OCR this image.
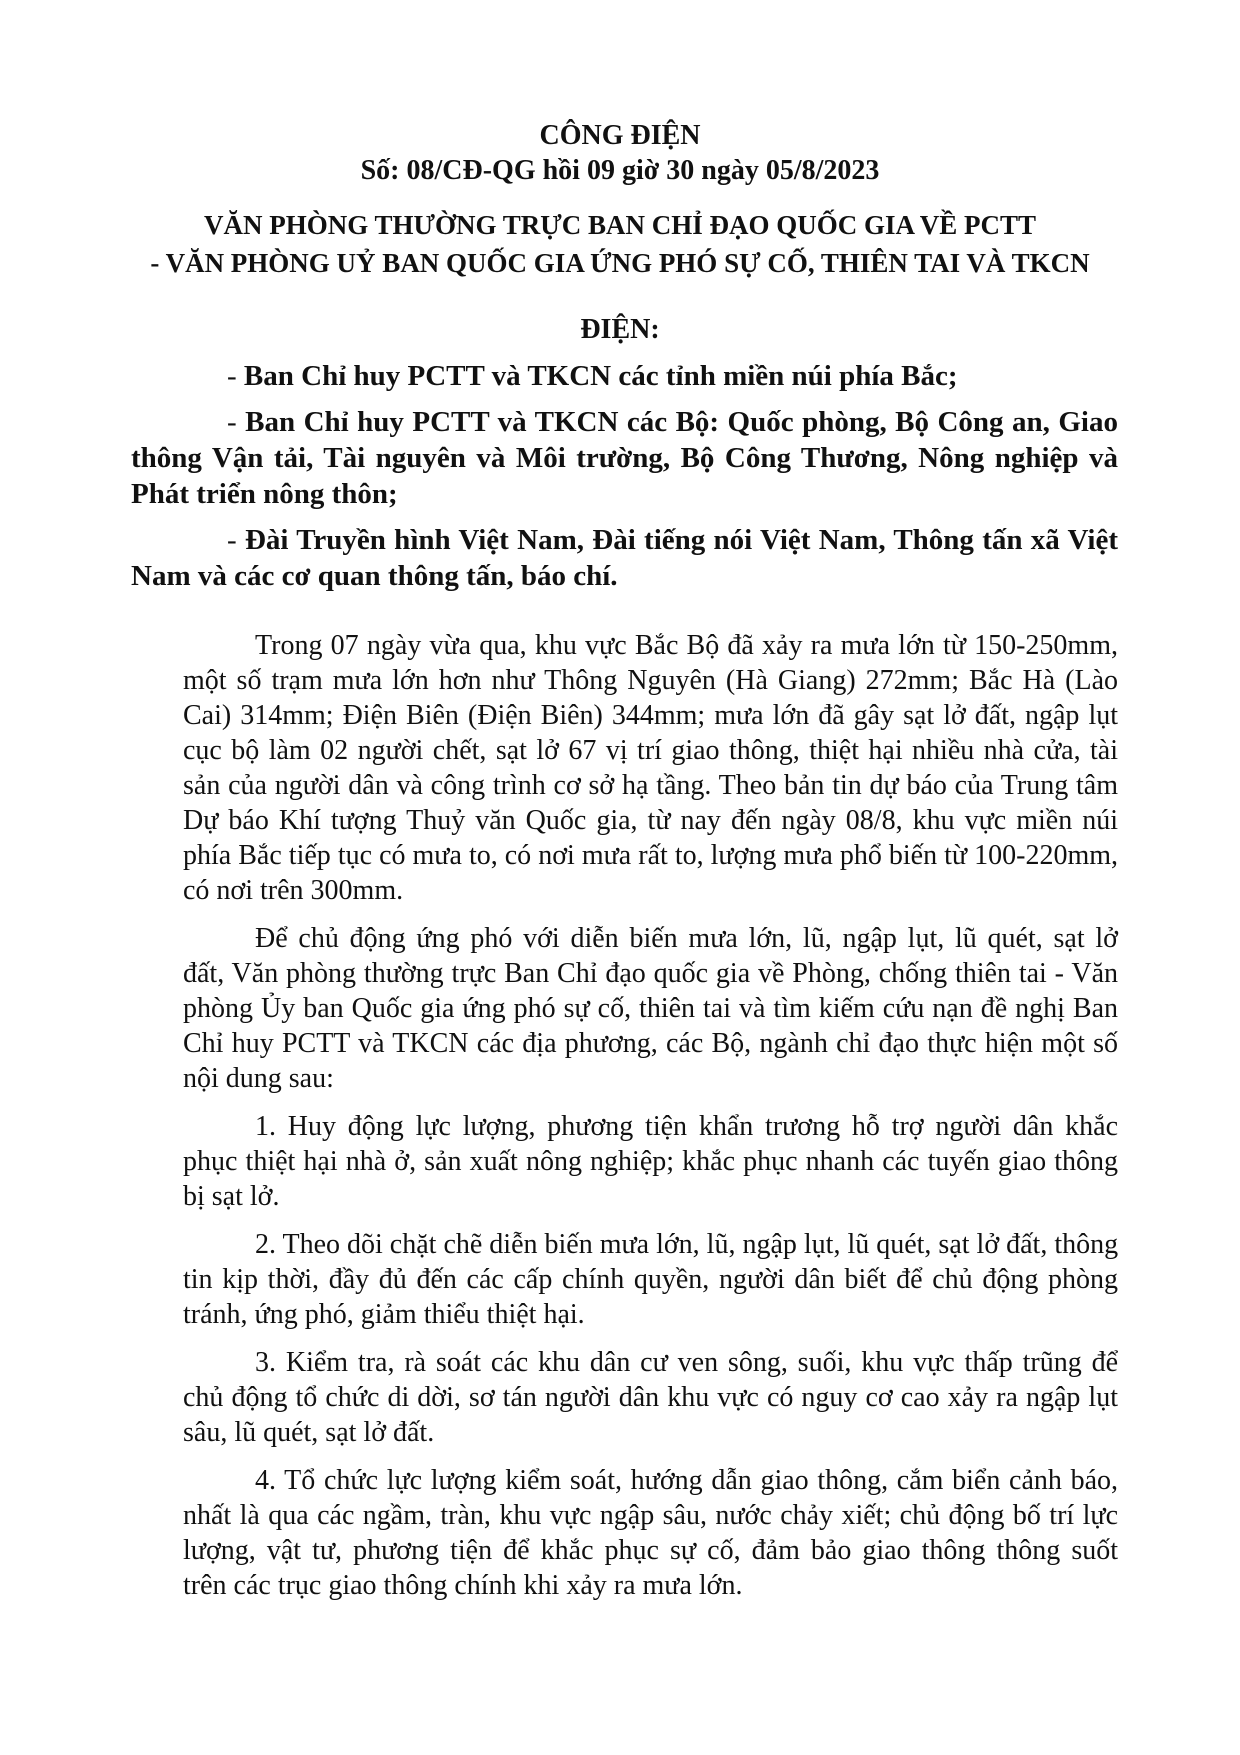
CÔNG ĐIỆN
Số: 08/CĐ-QG hồi 09 giờ 30 ngày 05/8/2023
VĂN PHÒNG THƯỜNG TRỰC BAN CHỈ ĐẠO QUỐC GIA VỀ PCTT
- VĂN PHÒNG UỶ BAN QUỐC GIA ỨNG PHÓ SỰ CỐ, THIÊN TAI VÀ TKCN
ĐIỆN:
- Ban Chỉ huy PCTT và TKCN các tỉnh miền núi phía Bắc;
- Ban Chỉ huy PCTT và TKCN các Bộ: Quốc phòng, Bộ Công an, Giao
thông Vận tải, Tài nguyên và Môi trường, Bộ Công Thương, Nông nghiệp và
Phát triển nông thôn;
- Đài Truyền hình Việt Nam, Đài tiếng nói Việt Nam, Thông tấn xã Việt
Nam và các cơ quan thông tấn, báo chí.
Trong 07 ngày vừa qua, khu vực Bắc Bộ đã xảy ra mưa lớn từ 150-250mm,
một số trạm mưa lớn hơn như Thông Nguyên (Hà Giang) 272mm; Bắc Hà (Lào
Cai) 314mm; Điện Biên (Điện Biên) 344mm; mưa lớn đã gây sạt lở đất, ngập lụt
cục bộ làm 02 người chết, sạt lở 67 vị trí giao thông, thiệt hại nhiều nhà cửa, tài
sản của người dân và công trình cơ sở hạ tầng. Theo bản tin dự báo của Trung tâm
Dự báo Khí tượng Thuỷ văn Quốc gia, từ nay đến ngày 08/8, khu vực miền núi
phía Bắc tiếp tục có mưa to, có nơi mưa rất to, lượng mưa phổ biến từ 100-220mm,
có nơi trên 300mm.
Để chủ động ứng phó với diễn biến mưa lớn, lũ, ngập lụt, lũ quét, sạt lở
đất, Văn phòng thường trực Ban Chỉ đạo quốc gia về Phòng, chống thiên tai - Văn
phòng Ủy ban Quốc gia ứng phó sự cố, thiên tai và tìm kiếm cứu nạn đề nghị Ban
Chỉ huy PCTT và TKCN các địa phương, các Bộ, ngành chỉ đạo thực hiện một số
nội dung sau:
1. Huy động lực lượng, phương tiện khẩn trương hỗ trợ người dân khắc
phục thiệt hại nhà ở, sản xuất nông nghiệp; khắc phục nhanh các tuyến giao thông
bị sạt lở.
2. Theo dõi chặt chẽ diễn biến mưa lớn, lũ, ngập lụt, lũ quét, sạt lở đất, thông
tin kịp thời, đầy đủ đến các cấp chính quyền, người dân biết để chủ động phòng
tránh, ứng phó, giảm thiểu thiệt hại.
3. Kiểm tra, rà soát các khu dân cư ven sông, suối, khu vực thấp trũng để
chủ động tổ chức di dời, sơ tán người dân khu vực có nguy cơ cao xảy ra ngập lụt
sâu, lũ quét, sạt lở đất.
4. Tổ chức lực lượng kiểm soát, hướng dẫn giao thông, cắm biển cảnh báo,
nhất là qua các ngầm, tràn, khu vực ngập sâu, nước chảy xiết; chủ động bố trí lực
lượng, vật tư, phương tiện để khắc phục sự cố, đảm bảo giao thông thông suốt
trên các trục giao thông chính khi xảy ra mưa lớn.
